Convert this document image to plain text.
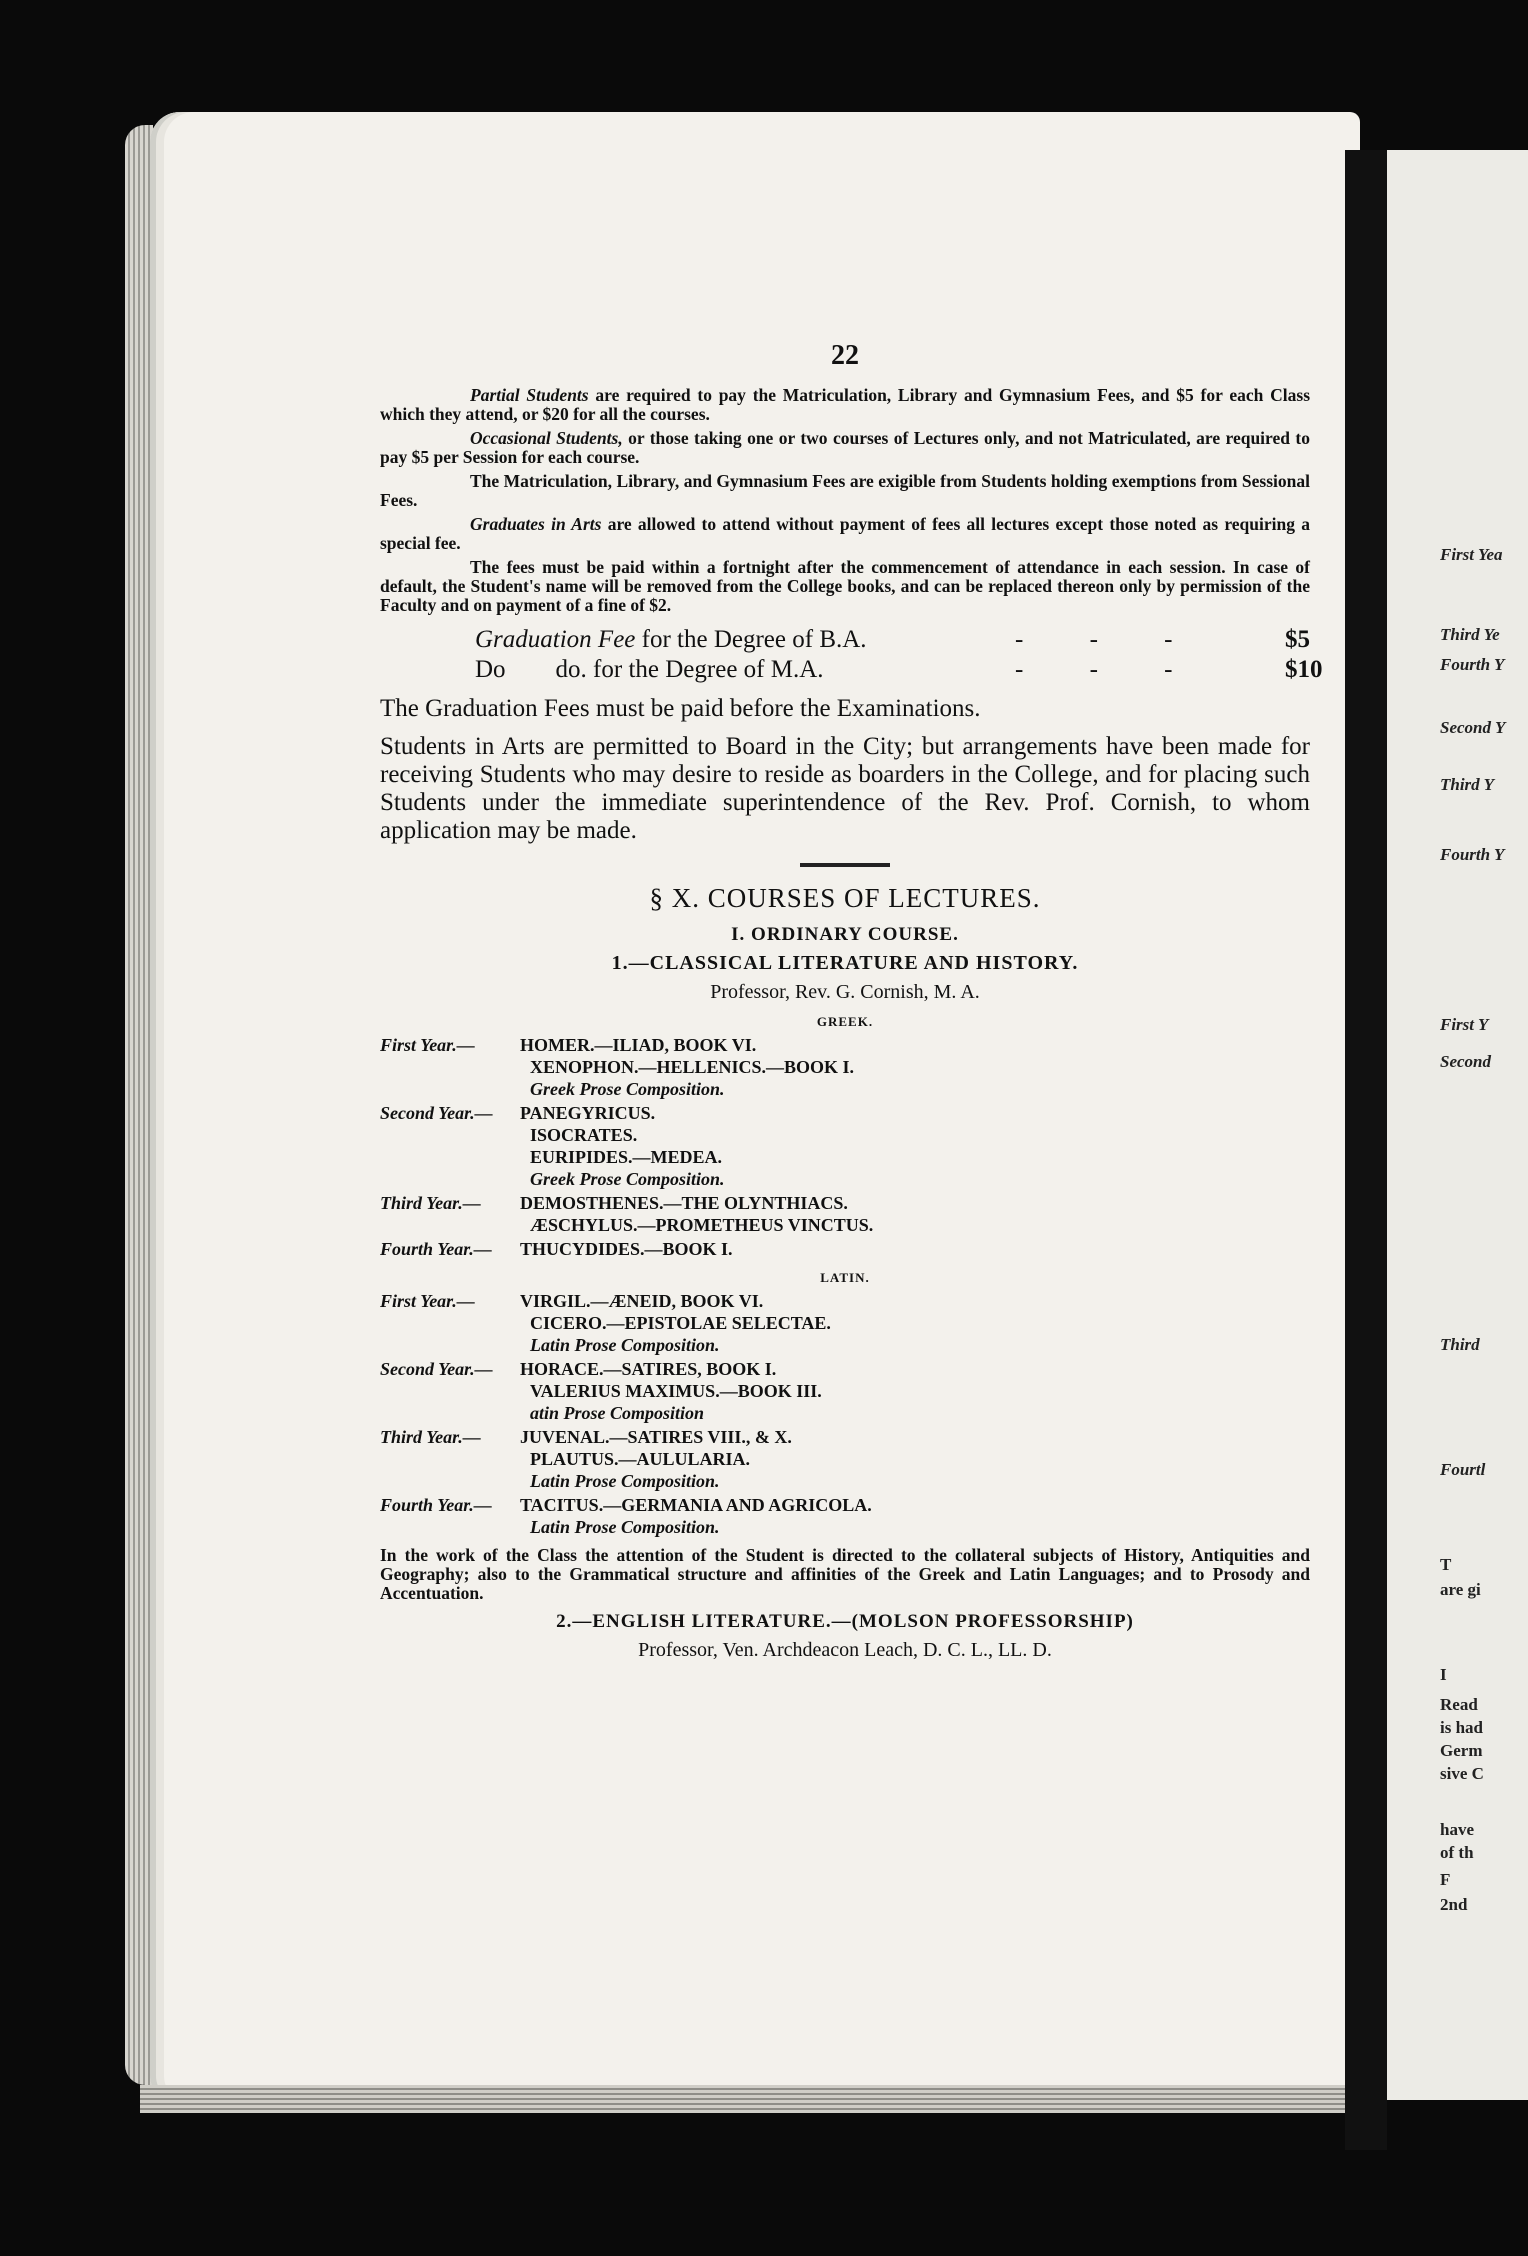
22
Partial Students are required to pay the Matriculation, Library and Gymnasium Fees, and $5 for each Class which they attend, or $20 for all the courses.
Occasional Students, or those taking one or two courses of Lectures only, and not Matriculated, are required to pay $5 per Session for each course.
The Matriculation, Library, and Gymnasium Fees are exigible from Students holding exemptions from Sessional Fees.
Graduates in Arts are allowed to attend without payment of fees all lectures except those noted as requiring a special fee.
The fees must be paid within a fortnight after the commencement of attendance in each session. In case of default, the Student's name will be removed from the College books, and can be replaced thereon only by permission of the Faculty and on payment of a fine of $2.
Graduation Fee for the Degree of B.A.	- - -	$5
Do        do. for the Degree of M.A.	- - -	$10
The Graduation Fees must be paid before the Examinations.
Students in Arts are permitted to Board in the City; but arrangements have been made for receiving Students who may desire to reside as boarders in the College, and for placing such Students under the immediate superintendence of the Rev. Prof. Cornish, to whom application may be made.
§ X. COURSES OF LECTURES.
I. ORDINARY COURSE.
1.—CLASSICAL LITERATURE AND HISTORY.
Professor, Rev. G. Cornish, M. A.
GREEK.
First Year.—	HOMER.—ILIAD, BOOK VI.
XENOPHON.—HELLENICS.—BOOK I.
Greek Prose Composition.
Second Year.— PANEGYRICUS.
ISOCRATES.
EURIPIDES.—MEDEA.
Greek Prose Composition.
Third Year.— DEMOSTHENES.—THE OLYNTHIACS.
ÆSCHYLUS.—PROMETHEUS VINCTUS.
Fourth Year.— THUCYDIDES.—BOOK I.
LATIN.
First Year.—	VIRGIL.—ÆNEID, BOOK VI.
CICERO.—EPISTOLAE SELECTAE.
Latin Prose Composition.
Second Year.— HORACE.—SATIRES, BOOK I.
VALERIUS MAXIMUS.—BOOK III.
atin Prose Composition
Third Year.— JUVENAL.—SATIRES VIII., & X.
PLAUTUS.—AULULARIA.
Latin Prose Composition.
Fourth Year.— TACITUS.—GERMANIA AND AGRICOLA.
Latin Prose Composition.
In the work of the Class the attention of the Student is directed to the collateral subjects of History, Antiquities and Geography; also to the Grammatical structure and affinities of the Greek and Latin Languages; and to Prosody and Accentuation.
2.—ENGLISH LITERATURE.—(MOLSON PROFESSORSHIP)
Professor, Ven. Archdeacon Leach, D. C. L., LL. D.
First Yea
Third Ye
Fourth Y
Second Y
Third Y
Fourth Y
First Y
Second
Third
Fourtl
T
are gi
I
Read
is had
Germ
sive C
have
of th
F
2nd
